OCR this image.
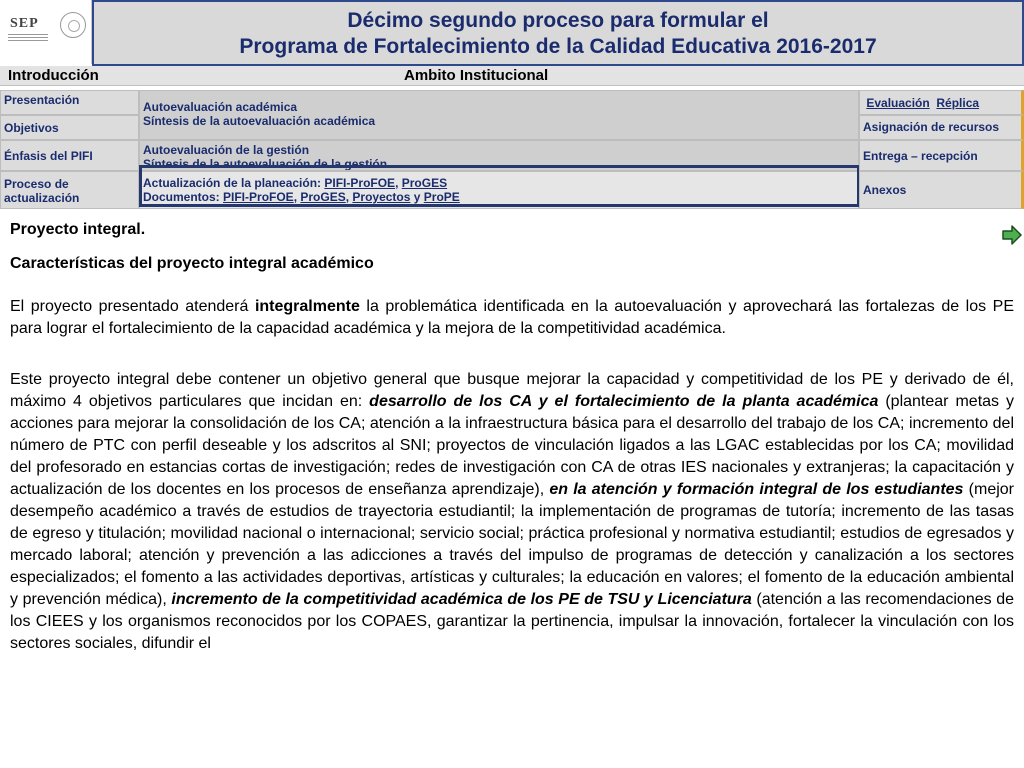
SEP	Décimo segundo proceso para formular el
Programa de Fortalecimiento de la Calidad Educativa 2016-2017
Introducción	Ambito Institucional
Presentación
Objetivos
Énfasis del PIFI
Proceso de actualización
Autoevaluación académica
Síntesis de la autoevaluación académica
Autoevaluación de la gestión
Síntesis de la autoevaluación de la gestión
Actualización de la planeación: PIFI-ProFOE, ProGES
Documentos: PIFI-ProFOE, ProGES, Proyectos y ProPE
Evaluación Réplica
Asignación de recursos
Entrega – recepción
Anexos
Proyecto integral.
Características del proyecto integral académico
El proyecto presentado atenderá integralmente la problemática identificada en la autoevaluación y aprovechará las fortalezas de los PE para lograr el fortalecimiento de la capacidad académica y la mejora de la competitividad académica.
Este proyecto integral debe contener un objetivo general que busque mejorar la capacidad y competitividad de los PE y derivado de él, máximo 4 objetivos particulares que incidan en: desarrollo de los CA y el fortalecimiento de la planta académica (plantear metas y acciones para mejorar la consolidación de los CA; atención a la infraestructura básica para el desarrollo del trabajo de los CA; incremento del número de PTC con perfil deseable y los adscritos al SNI; proyectos de vinculación ligados a las LGAC establecidas por los CA; movilidad del profesorado en estancias cortas de investigación; redes de investigación con CA de otras IES nacionales y extranjeras; la capacitación y actualización de los docentes en los procesos de enseñanza aprendizaje), en la atención y formación integral de los estudiantes (mejor desempeño académico a través de estudios de trayectoria estudiantil; la implementación de programas de tutoría; incremento de las tasas de egreso y titulación; movilidad nacional o internacional; servicio social; práctica profesional y normativa estudiantil; estudios de egresados y mercado laboral; atención y prevención a las adicciones a través del impulso de programas de detección y canalización a los sectores especializados; el fomento a las actividades deportivas, artísticas y culturales; la educación en valores; el fomento de la educación ambiental y prevención médica), incremento de la competitividad académica de los PE de TSU y Licenciatura (atención a las recomendaciones de los CIEES y los organismos reconocidos por los COPAES, garantizar la pertinencia, impulsar la innovación, fortalecer la vinculación con los sectores sociales, difundir el
